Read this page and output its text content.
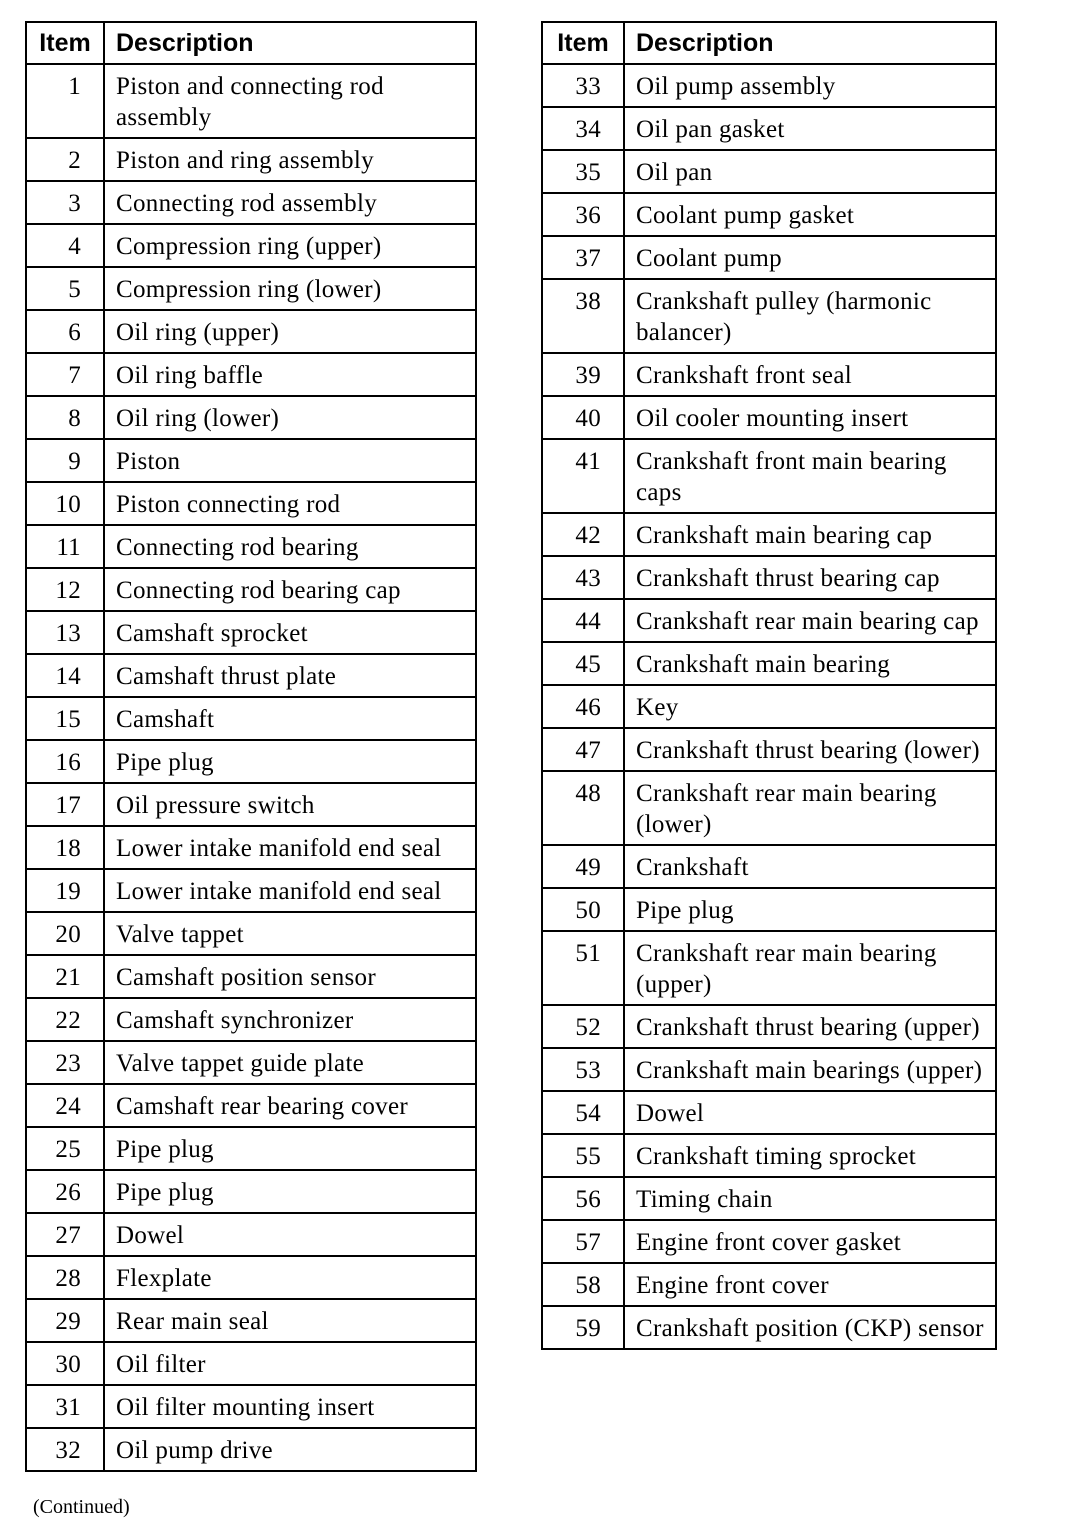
Item	Description
1	Piston and connecting rod assembly
2	Piston and ring assembly
3	Connecting rod assembly
4	Compression ring (upper)
5	Compression ring (lower)
6	Oil ring (upper)
7	Oil ring baffle
8	Oil ring (lower)
9	Piston
10	Piston connecting rod
11	Connecting rod bearing
12	Connecting rod bearing cap
13	Camshaft sprocket
14	Camshaft thrust plate
15	Camshaft
16	Pipe plug
17	Oil pressure switch
18	Lower intake manifold end seal
19	Lower intake manifold end seal
20	Valve tappet
21	Camshaft position sensor
22	Camshaft synchronizer
23	Valve tappet guide plate
24	Camshaft rear bearing cover
25	Pipe plug
26	Pipe plug
27	Dowel
28	Flexplate
29	Rear main seal
30	Oil filter
31	Oil filter mounting insert
32	Oil pump drive
Item	Description
33	Oil pump assembly
34	Oil pan gasket
35	Oil pan
36	Coolant pump gasket
37	Coolant pump
38	Crankshaft pulley (harmonic balancer)
39	Crankshaft front seal
40	Oil cooler mounting insert
41	Crankshaft front main bearing caps
42	Crankshaft main bearing cap
43	Crankshaft thrust bearing cap
44	Crankshaft rear main bearing cap
45	Crankshaft main bearing
46	Key
47	Crankshaft thrust bearing (lower)
48	Crankshaft rear main bearing (lower)
49	Crankshaft
50	Pipe plug
51	Crankshaft rear main bearing (upper)
52	Crankshaft thrust bearing (upper)
53	Crankshaft main bearings (upper)
54	Dowel
55	Crankshaft timing sprocket
56	Timing chain
57	Engine front cover gasket
58	Engine front cover
59	Crankshaft position (CKP) sensor
(Continued)
